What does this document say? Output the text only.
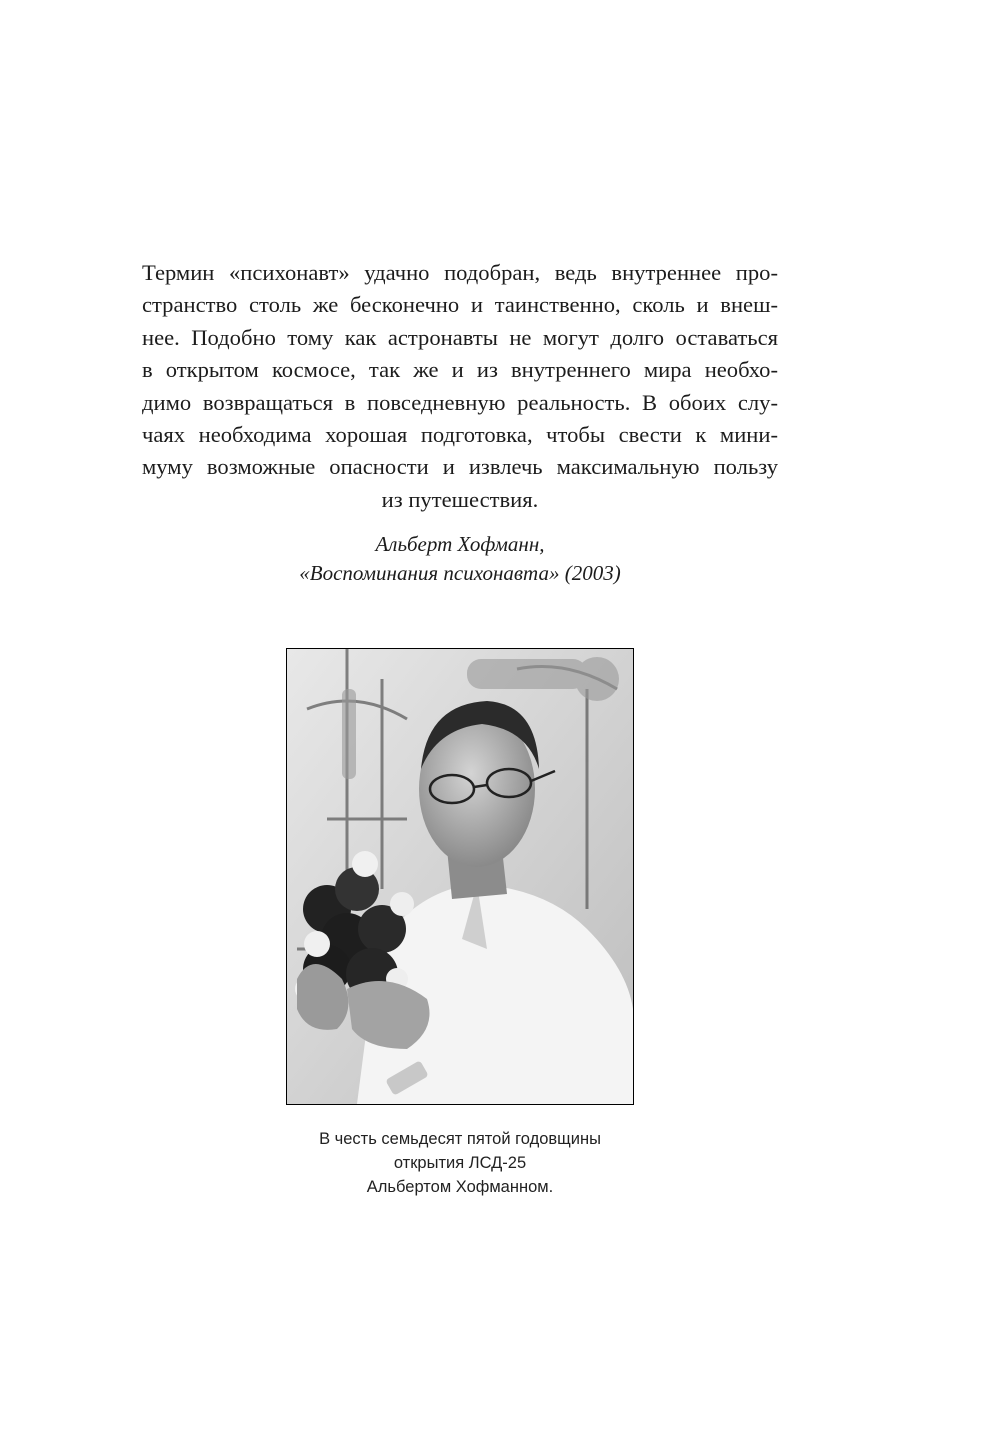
Термин «психонавт» удачно подобран, ведь внутреннее про-
странство столь же бесконечно и таинственно, сколь и внеш-
нее. Подобно тому как астронавты не могут долго оставаться
в открытом космосе, так же и из внутреннего мира необхо-
димо возвращаться в повседневную реальность. В обоих слу-
чаях необходима хорошая подготовка, чтобы свести к мини-
муму возможные опасности и извлечь максимальную пользу
из путешествия.
Альберт Хофманн,
«Воспоминания психонавта» (2003)
В честь семьдесят пятой годовщины
открытия ЛСД-25
Альбертом Хофманном.
